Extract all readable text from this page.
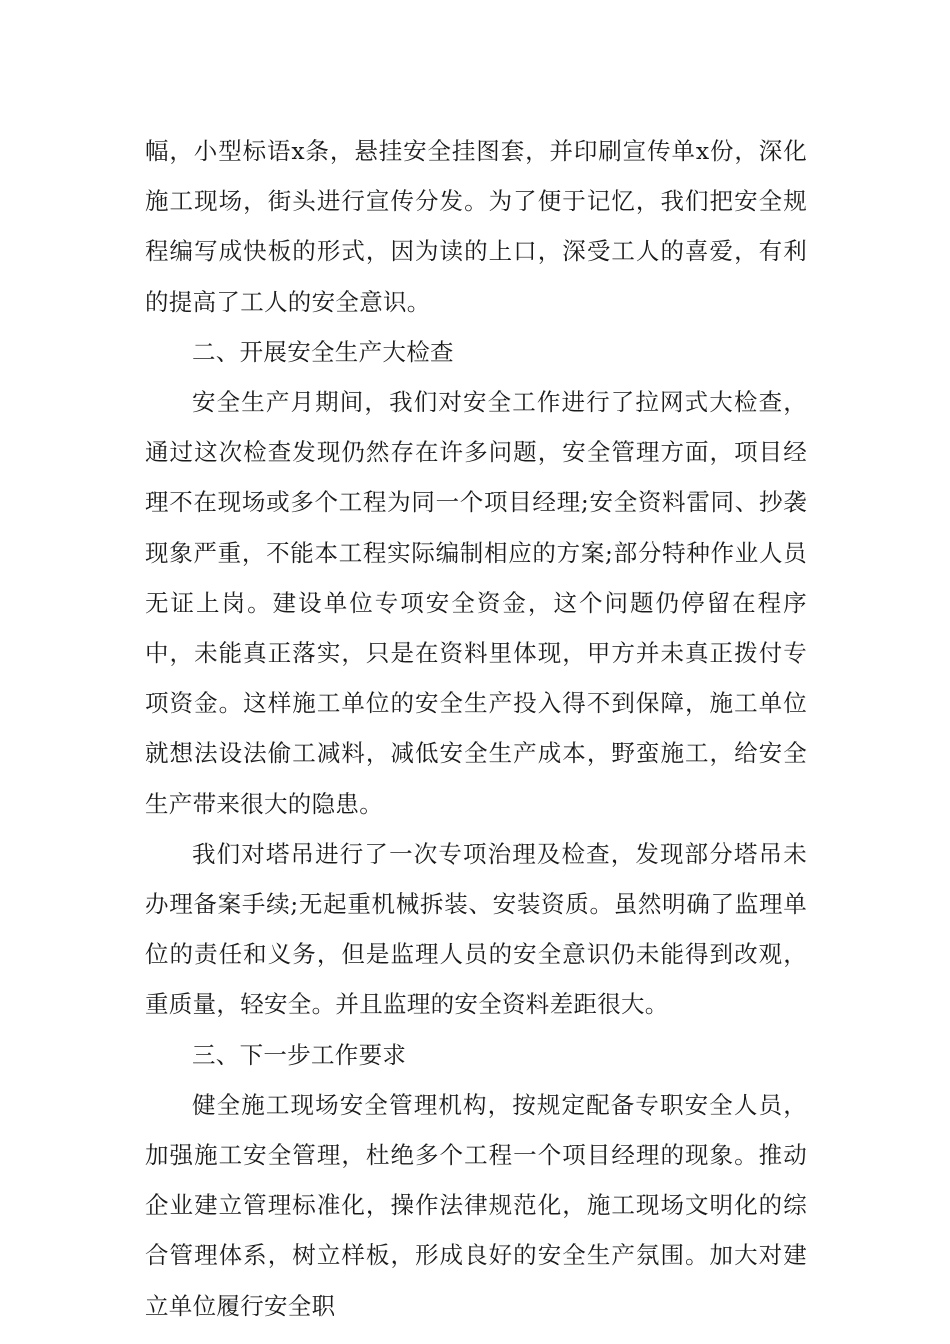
幅，小型标语x条，悬挂安全挂图套，并印刷宣传单x份，深化施工现场，街头进行宣传分发。为了便于记忆，我们把安全规程编写成快板的形式，因为读的上口，深受工人的喜爱，有利的提高了工人的安全意识。

二、开展安全生产大检查

安全生产月期间，我们对安全工作进行了拉网式大检查，通过这次检查发现仍然存在许多问题，安全管理方面，项目经理不在现场或多个工程为同一个项目经理;安全资料雷同、抄袭现象严重，不能本工程实际编制相应的方案;部分特种作业人员无证上岗。建设单位专项安全资金，这个问题仍停留在程序中，未能真正落实，只是在资料里体现，甲方并未真正拨付专项资金。这样施工单位的安全生产投入得不到保障，施工单位就想法设法偷工减料，减低安全生产成本，野蛮施工，给安全生产带来很大的隐患。

我们对塔吊进行了一次专项治理及检查，发现部分塔吊未办理备案手续;无起重机械拆装、安装资质。虽然明确了监理单位的责任和义务，但是监理人员的安全意识仍未能得到改观，重质量，轻安全。并且监理的安全资料差距很大。

三、下一步工作要求

健全施工现场安全管理机构，按规定配备专职安全人员，加强施工安全管理，杜绝多个工程一个项目经理的现象。推动企业建立管理标准化，操作法律规范化，施工现场文明化的综合管理体系，树立样板，形成良好的安全生产氛围。加大对建立单位履行安全职
